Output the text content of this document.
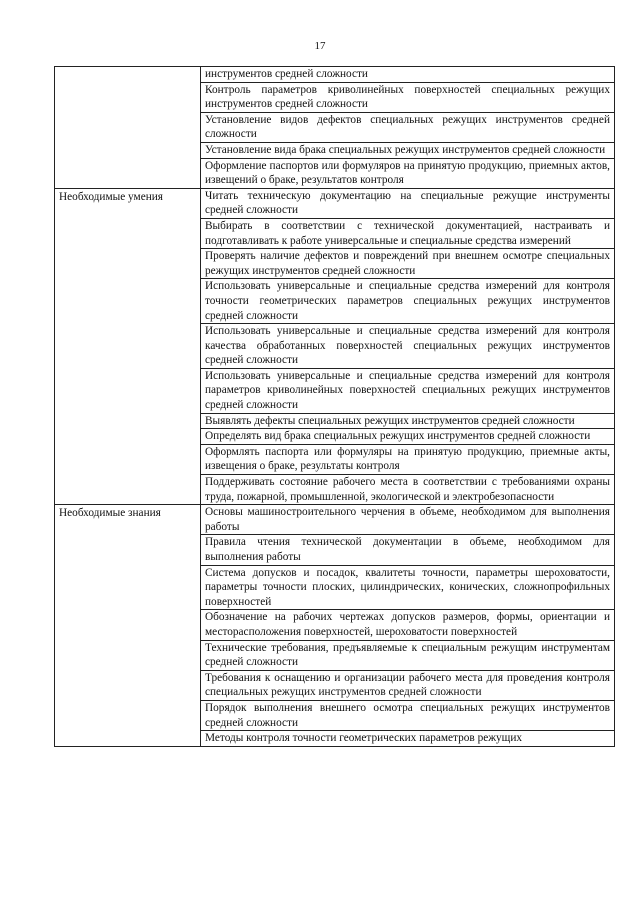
17
	инструментов средней сложности
	Контроль параметров криволинейных поверхностей специальных режущих инструментов средней сложности
	Установление видов дефектов специальных режущих инструментов средней сложности
	Установление вида брака специальных режущих инструментов средней сложности
	Оформление паспортов или формуляров на принятую продукцию, приемных актов, извещений о браке, результатов контроля

Необходимые умения	Читать техническую документацию на специальные режущие инструменты средней сложности
	Выбирать в соответствии с технической документацией, настраивать и подготавливать к работе универсальные и специальные средства измерений
	Проверять наличие дефектов и повреждений при внешнем осмотре специальных режущих инструментов средней сложности
	Использовать универсальные и специальные средства измерений для контроля точности геометрических параметров специальных режущих инструментов средней сложности
	Использовать универсальные и специальные средства измерений для контроля качества обработанных поверхностей специальных режущих инструментов средней сложности
	Использовать универсальные и специальные средства измерений для контроля параметров криволинейных поверхностей специальных режущих инструментов средней сложности
	Выявлять дефекты специальных режущих инструментов средней сложности
	Определять вид брака специальных режущих инструментов средней сложности
	Оформлять паспорта или формуляры на принятую продукцию, приемные акты, извещения о браке, результаты контроля
	Поддерживать состояние рабочего места в соответствии с требованиями охраны труда, пожарной, промышленной, экологической и электробезопасности

Необходимые знания	Основы машиностроительного черчения в объеме, необходимом для выполнения работы
	Правила чтения технической документации в объеме, необходимом для выполнения работы
	Система допусков и посадок, квалитеты точности, параметры шероховатости, параметры точности плоских, цилиндрических, конических, сложнопрофильных поверхностей
	Обозначение на рабочих чертежах допусков размеров, формы, ориентации и месторасположения поверхностей, шероховатости поверхностей
	Технические требования, предъявляемые к специальным режущим инструментам средней сложности
	Требования к оснащению и организации рабочего места для проведения контроля специальных режущих инструментов средней сложности
	Порядок выполнения внешнего осмотра специальных режущих инструментов средней сложности
	Методы контроля точности геометрических параметров режущих
